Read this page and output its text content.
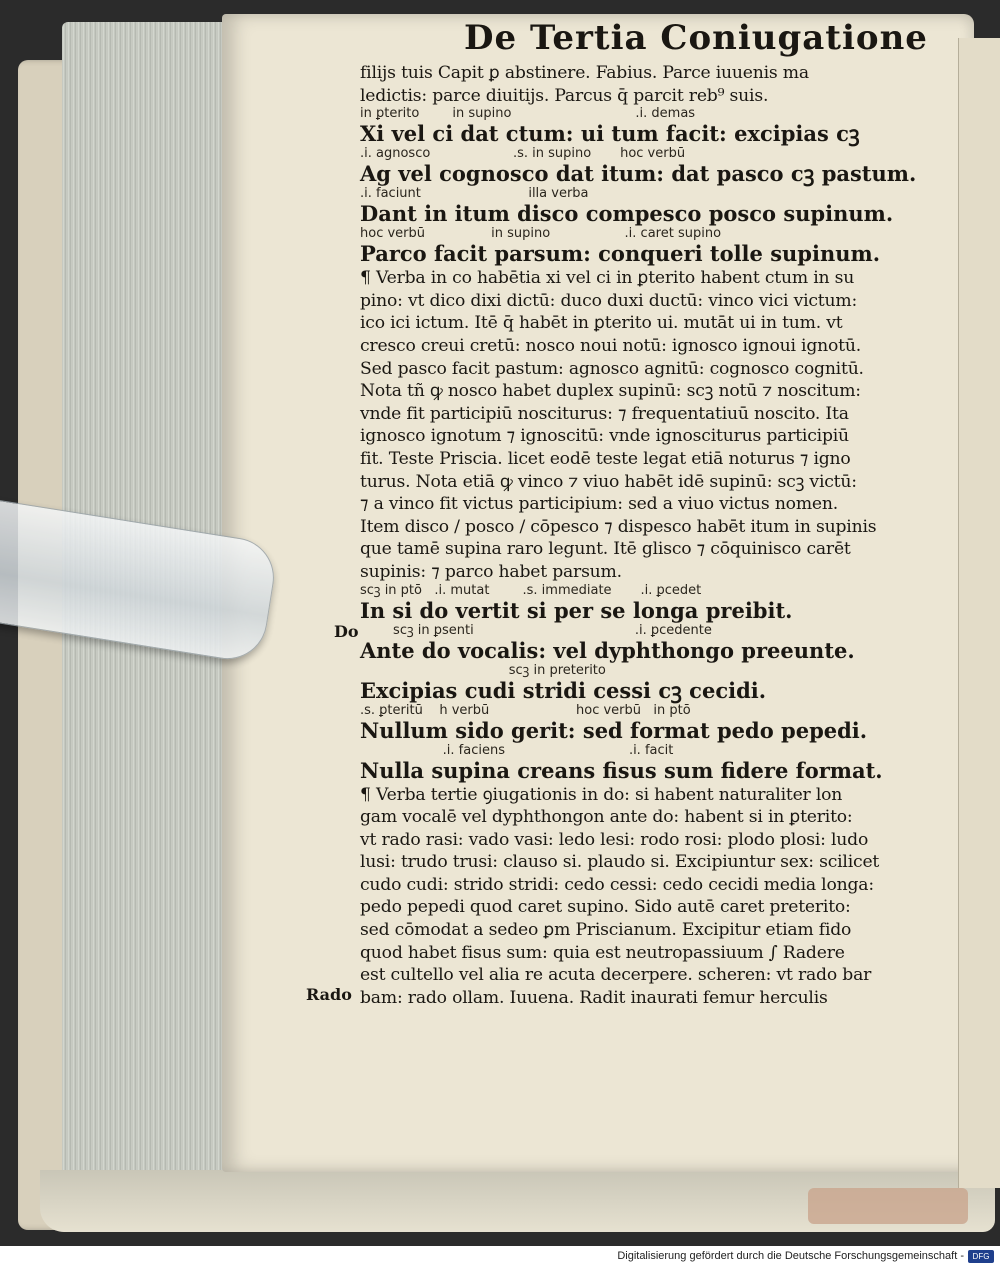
De Tertia Coniugatione
filijs tuis Capit ꝑ abstinere. Fabius. Parce iuuenis ma
ledictis: parce diuitijs. Parcus q̄ parcit reb⁹ suis.
in ꝑterito        in supino                              .i. demas
Xi vel ci dat ctum: ui tum facit: excipias cꝫ
.i. agnosco                    .s. in supino       hoc verbū
Ag vel cognosco dat itum: dat pasco cꝫ pastum.
.i. faciunt                          illa verba
Dant in itum disco compesco posco supinum.
hoc verbū                in supino                  .i. caret supino
Parco facit parsum: conqueri tolle supinum.
¶ Verba in co habētia xi vel ci in ꝑterito habent ctum in su
pino: vt dico dixi dictū: duco duxi ductū: vinco vici victum:
ico ici ictum. Itē q̄ habēt in ꝑterito ui. mutāt ui in tum. vt
cresco creui cretū: nosco noui notū: ignosco ignoui ignotū.
Sed pasco facit pastum: agnosco agnitū: cognosco cognitū.
Nota tñ ꝙ nosco habet duplex supinū: scꝫ notū ⁊ noscitum:
vnde fit participiū nosciturus: ⁊ frequentatiuū noscito. Ita
ignosco ignotum ⁊ ignoscitū: vnde ignosciturus participiū
fit. Teste Priscia. licet eodē teste legat etiā noturus ⁊ igno
turus. Nota etiā ꝙ vinco ⁊ viuo habēt idē supinū: scꝫ victū:
⁊ a vinco fit victus participium: sed a viuo victus nomen.
Item disco / posco / cōpesco ⁊ dispesco habēt itum in supinis
que tamē supina raro legunt. Itē glisco ⁊ cōquinisco carēt
supinis: ⁊ parco habet parsum.
scꝫ in ptō   .i. mutat        .s. immediate       .i. ꝑcedet
In si do vertit si per se longa preibit.
scꝫ in ꝑsenti                                       .i. ꝑcedente
Ante do vocalis: vel dyphthongo preeunte.
scꝫ in preterito
Excipias cudi stridi cessi cꝫ cecidi.
.s. ꝑteritū    h verbū                     hoc verbū   in ptō
Nullum sido gerit: sed format pedo pepedi.
.i. faciens                              .i. facit
Nulla supina creans fisus sum fidere format.
¶ Verba tertie ꝯiugationis in do: si habent naturaliter lon
gam vocalē vel dyphthongon ante do: habent si in ꝑterito:
vt rado rasi: vado vasi: ledo lesi: rodo rosi: plodo plosi: ludo
lusi: trudo trusi: clauso si. plaudo si. Excipiuntur sex: scilicet
cudo cudi: strido stridi: cedo cessi: cedo cecidi media longa:
pedo pepedi quod caret supino. Sido autē caret preterito:
sed cōmodat a sedeo ꝑm Priscianum. Excipitur etiam fido
quod habet fisus sum: quia est neutropassiuum ∫ Radere
est cultello vel alia re acuta decerpere. scheren: vt rado bar
bam: rado ollam. Iuuena. Radit inaurati femur herculis
Do
Rado
Digitalisierung gefördert durch die Deutsche Forschungsgemeinschaft -	DFG
